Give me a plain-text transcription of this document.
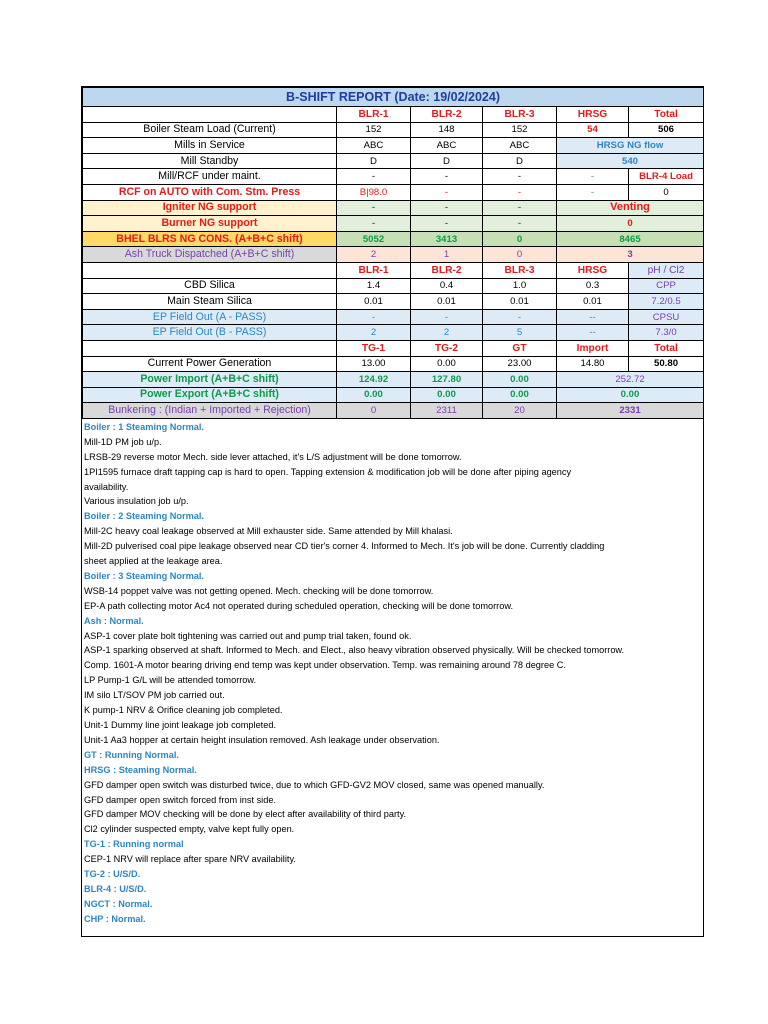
B-SHIFT REPORT (Date: 19/02/2024)					
	BLR-1	BLR-2	BLR-3	HRSG	Total
Boiler Steam Load (Current)	152	148	152	54	506
Mills in Service	ABC	ABC	ABC	HRSG NG flow	
Mill Standby	D	D	D	540	
Mill/RCF under maint.	-	-	-	-	BLR-4 Load
RCF on AUTO with Com. Stm. Press	B|98.0	-	-	-	0
Igniter NG support	-	-	-	Venting	
Burner NG support	-	-	-	0	
BHEL BLRS NG CONS. (A+B+C shift)	5052	3413	0	8465	
Ash Truck Dispatched (A+B+C shift)	2	1	0	3	
	BLR-1	BLR-2	BLR-3	HRSG	pH / Cl2
CBD Silica	1.4	0.4	1.0	0.3	CPP
Main Steam Silica	0.01	0.01	0.01	0.01	7.2/0.5
EP Field Out (A - PASS)	-	-	-	--	CPSU
EP Field Out (B - PASS)	2	2	5	--	7.3/0
	TG-1	TG-2	GT	Import	Total
Current Power Generation	13.00	0.00	23.00	14.80	50.80
Power Import (A+B+C shift)	124.92	127.80	0.00	252.72	
Power Export (A+B+C shift)	0.00	0.00	0.00	0.00	
Bunkering : (Indian + Imported + Rejection)	0	2311	20	2331	
Boiler : 1 Steaming Normal.
Mill-1D PM job u/p.
LRSB-29 reverse motor Mech. side lever attached, it's L/S adjustment will be done tomorrow.
1PI1595 furnace draft tapping cap is hard to open. Tapping extension & modification job will be done after piping agency
availability.
Various insulation job u/p.
Boiler : 2 Steaming Normal.
Mill-2C heavy coal leakage observed at Mill exhauster side. Same attended by Mill khalasi.
Mill-2D pulverised coal pipe leakage observed near CD tier's corner 4. Informed to Mech. It's job will be done. Currently cladding
sheet applied at the leakage area.
Boiler : 3 Steaming Normal.
WSB-14 poppet valve was not getting opened. Mech. checking will be done tomorrow.
EP-A path collecting motor Ac4 not operated during scheduled operation, checking will be done tomorrow.
Ash : Normal.
ASP-1 cover plate bolt tightening was carried out and pump trial taken, found ok.
ASP-1 sparking observed at shaft. Informed to Mech. and Elect., also heavy vibration observed physically. Will be checked tomorrow.
Comp. 1601-A motor bearing driving end temp was kept under observation. Temp. was remaining around 78 degree C.
LP Pump-1 G/L will be attended tomorrow.
IM silo LT/SOV PM job carried out.
K pump-1 NRV & Orifice cleaning job completed.
Unit-1 Dummy line joint leakage job completed.
Unit-1 Aa3 hopper at certain height insulation removed. Ash leakage under observation.
GT : Running Normal.
HRSG : Steaming Normal.
GFD damper open switch was disturbed twice, due to which GFD-GV2 MOV closed, same was opened manually.
GFD damper open switch forced from inst side.
GFD damper MOV checking will be done by elect after availability of third party.
Cl2 cylinder suspected empty, valve kept fully open.
TG-1 : Running normal
CEP-1 NRV will replace after spare NRV availability.
TG-2 : U/S/D.
BLR-4 : U/S/D.
NGCT : Normal.
CHP : Normal.
